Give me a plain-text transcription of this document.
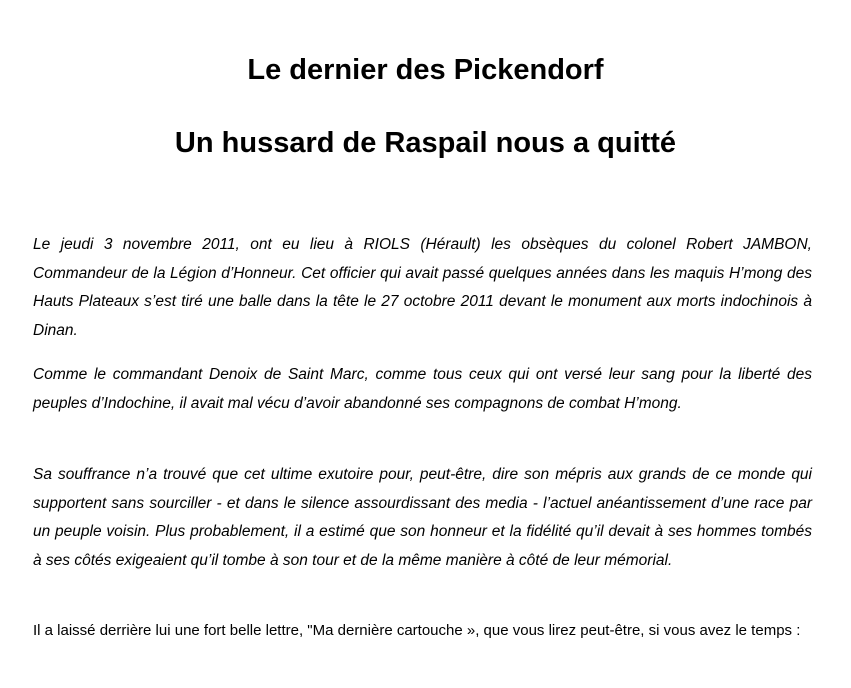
Le dernier des Pickendorf
Un hussard de Raspail nous a quitté

Le jeudi 3 novembre 2011, ont eu lieu à RIOLS (Hérault) les obsèques du colonel Robert JAMBON, Commandeur de la Légion d’Honneur. Cet officier qui avait passé quelques années dans les maquis H’mong des Hauts Plateaux s’est tiré une balle dans la tête le 27 octobre 2011 devant le monument aux morts indochinois à Dinan.

Comme le commandant Denoix de Saint Marc, comme tous ceux qui ont versé leur sang pour la liberté des peuples d’Indochine, il avait mal vécu d’avoir abandonné ses compagnons de combat H’mong.

Sa souffrance n’a trouvé que cet ultime exutoire pour, peut-être, dire son mépris aux grands de ce monde qui supportent sans sourciller - et dans le silence assourdissant des media - l’actuel anéantissement d’une race par un peuple voisin. Plus probablement, il a estimé que son honneur et la fidélité qu’il devait à ses hommes tombés à ses côtés exigeaient qu’il tombe à son tour et de la même manière à côté de leur mémorial.

Il a laissé derrière lui une fort belle lettre, "Ma dernière cartouche », que vous lirez peut-être, si vous avez le temps :
